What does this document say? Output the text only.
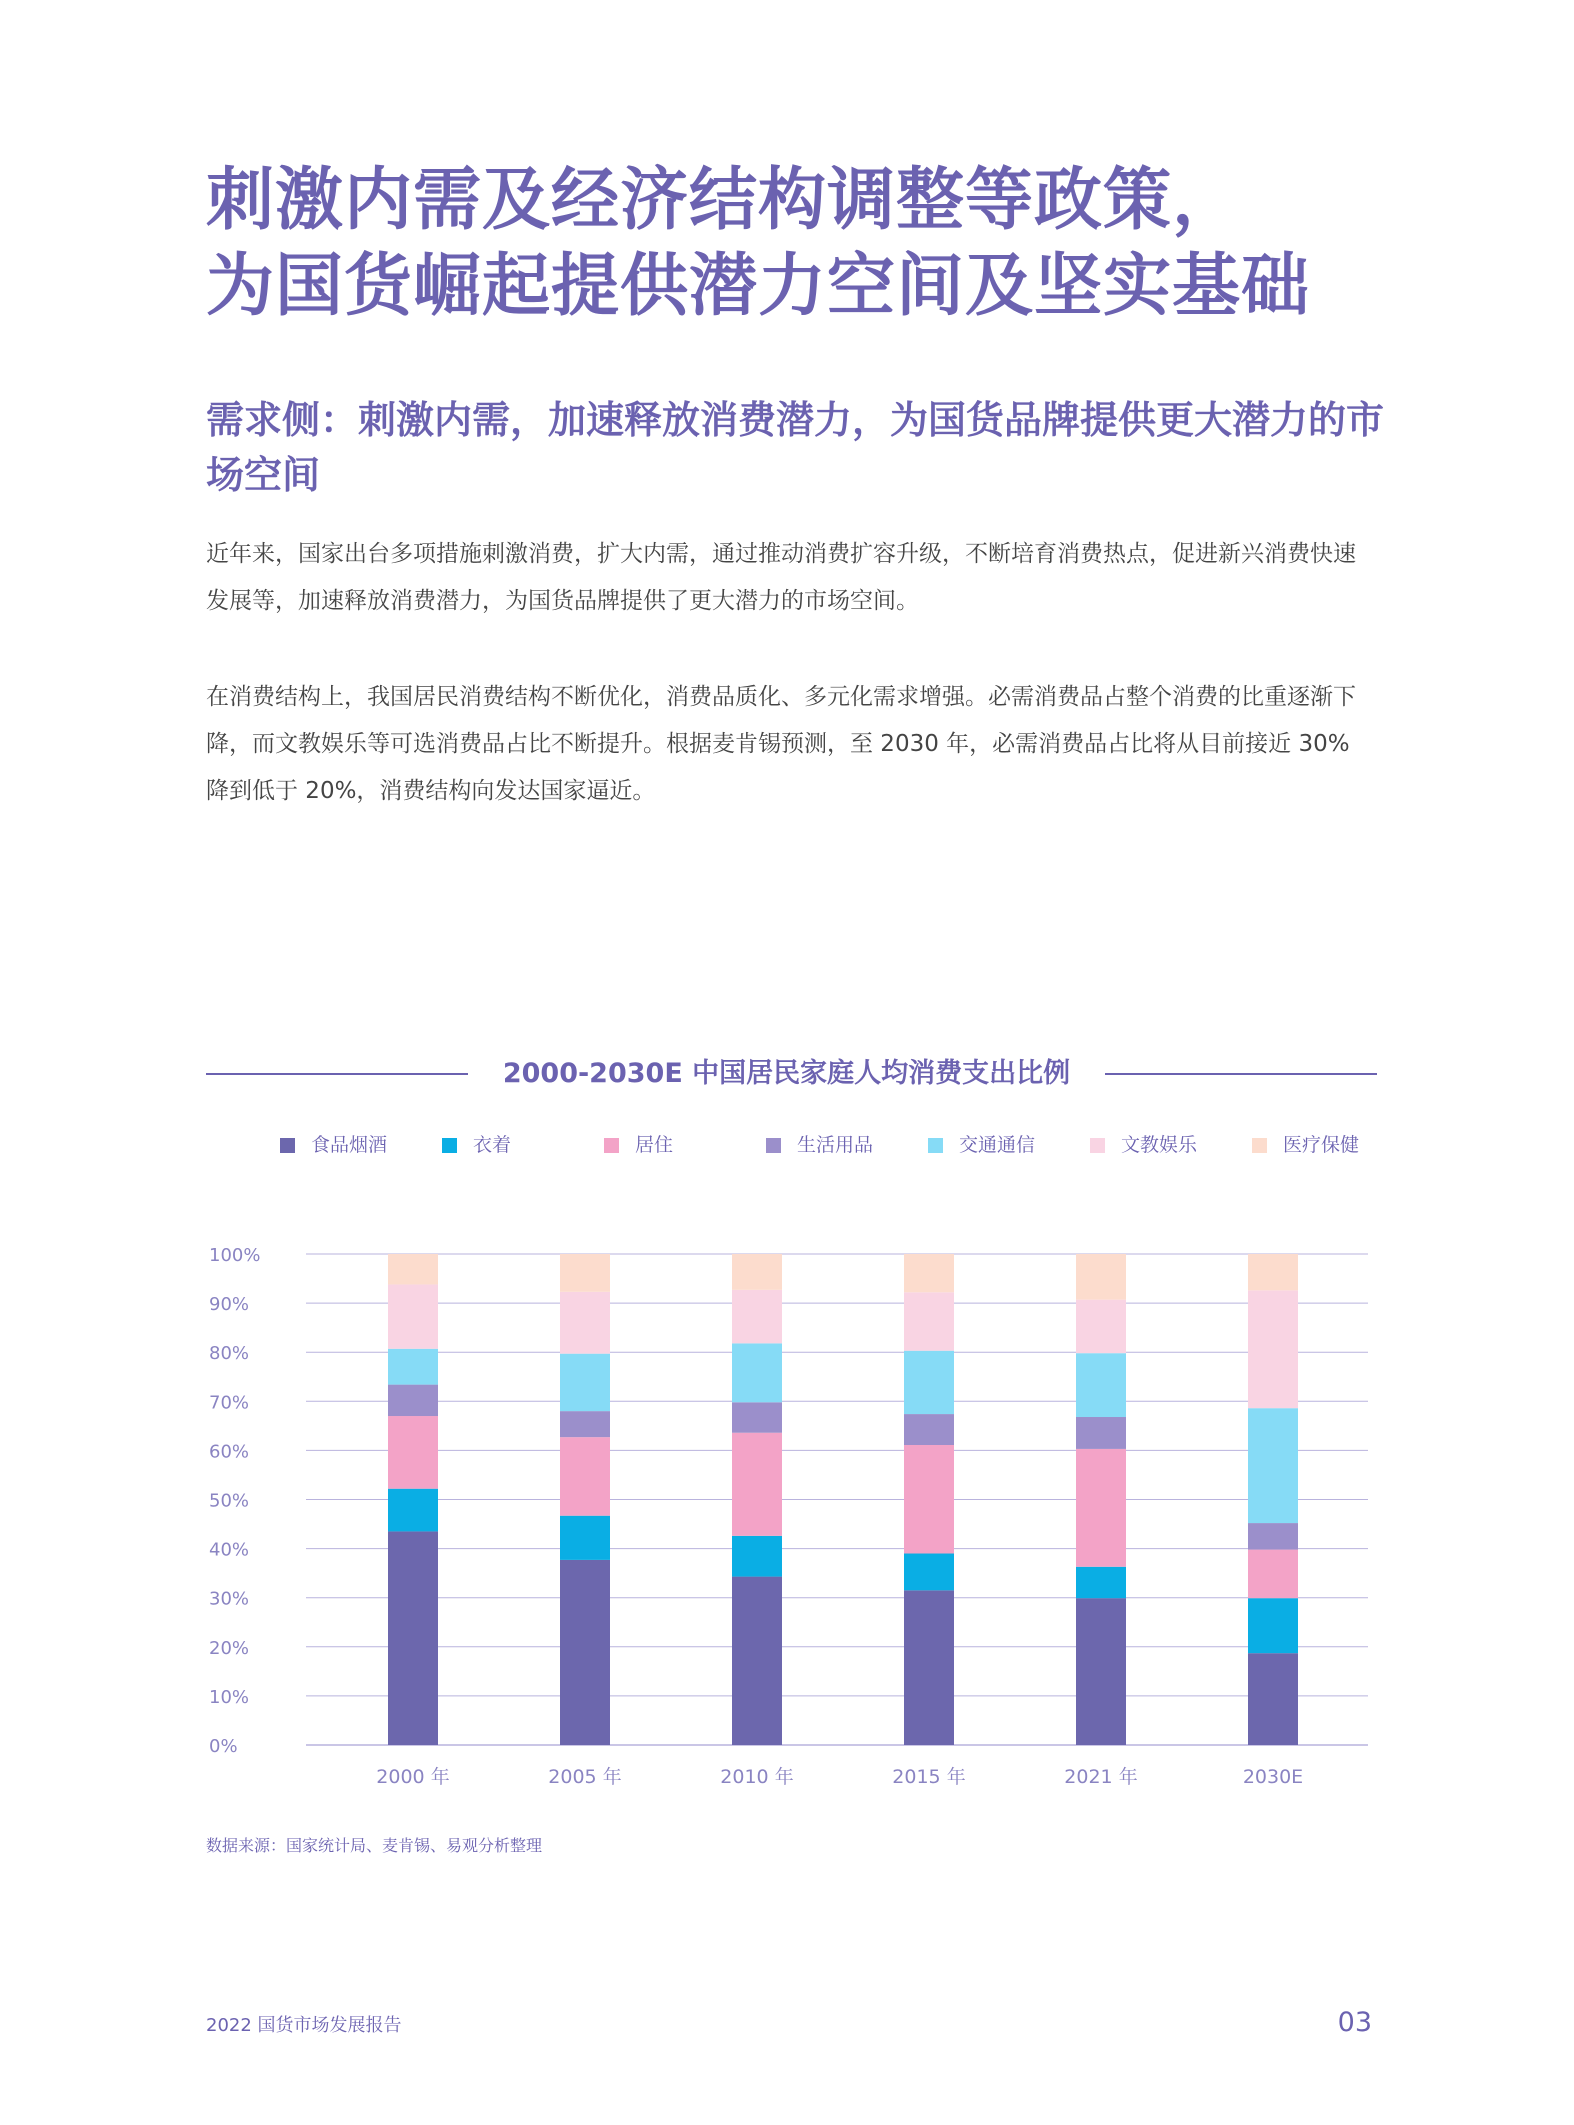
刺激内需及经济结构调整等政策，
为国货崛起提供潜力空间及坚实基础
需求侧：刺激内需，加速释放消费潜力，为国货品牌提供更大潜力的市场空间
近年来，国家出台多项措施刺激消费，扩大内需，通过推动消费扩容升级，不断培育消费热点，促进新兴消费快速发展等，加速释放消费潜力，为国货品牌提供了更大潜力的市场空间。
在消费结构上，我国居民消费结构不断优化，消费品质化、多元化需求增强。必需消费品占整个消费的比重逐渐下降，而文教娱乐等可选消费品占比不断提升。根据麦肯锡预测，至 2030 年，必需消费品占比将从目前接近 30% 降到低于 20%，消费结构向发达国家逼近。
2000-2030E 中国居民家庭人均消费支出比例
食品烟酒	衣着	居住	生活用品	交通通信	文教娱乐	医疗保健
0%
10%
20%
30%
40%
50%
60%
70%
80%
90%
100%
2000 年	2005 年	2010 年	2015 年	2021 年	2030E
数据来源：国家统计局、麦肯锡、易观分析整理
2022 国货市场发展报告	03
